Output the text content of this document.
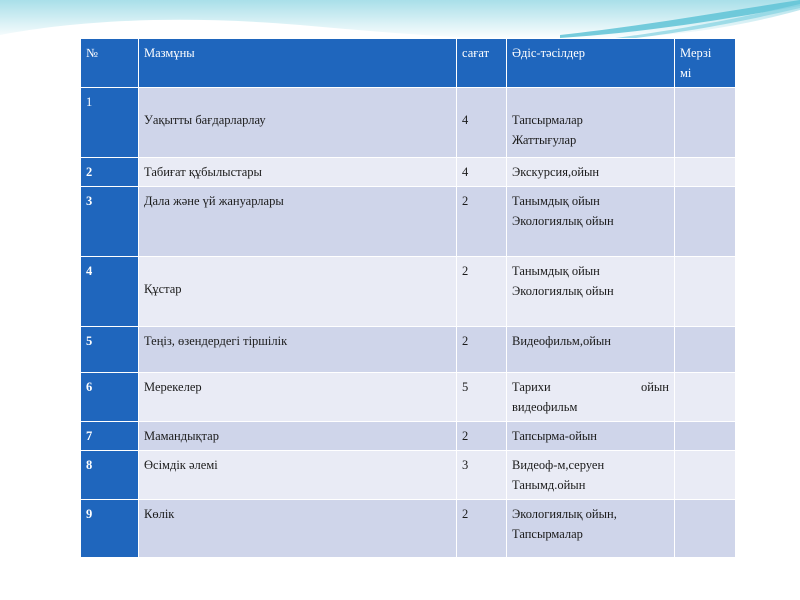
№	Мазмұны	сағат	Әдіс-тәсілдер	Мерзі
мі
1	Уақытты бағдарларлау	4	Тапсырмалар
Жаттығулар	
2	Табиғат құбылыстары	4	Экскурсия,ойын	
3	Дала және үй жануарлары	2	Танымдық ойын
Экологиялық ойын	
4	Құстар	2	Танымдық ойын
Экологиялық ойын	
5	Теңіз, өзендердегі тіршілік	2	Видеофильм,ойын	
6	Мерекелер	5	Тарихи ойын
видеофильм	
7	Мамандықтар	2	Тапсырма-ойын	
8	Өсімдік әлемі	3	Видеоф-м,серуен
Танымд.ойын	
9	Көлік	2	Экологиялық ойын,
Тапсырмалар	
